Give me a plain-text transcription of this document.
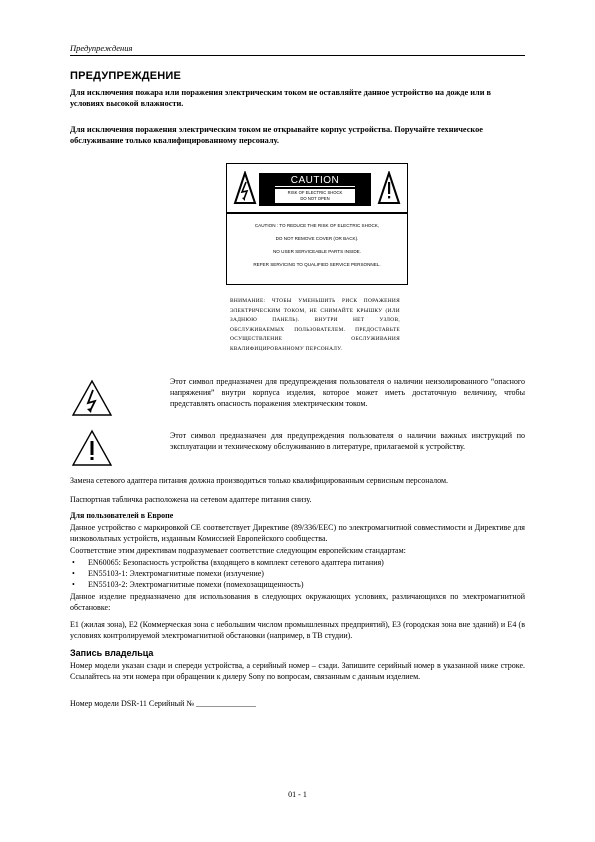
Предупреждения
ПРЕДУПРЕЖДЕНИЕ

Для исключения пожара или поражения электрическим током не оставляйте данное устройство на дожде или в условиях высокой влажности.

Для исключения поражения электрическим током не открывайте корпус устройства. Поручайте техническое обслуживание только квалифицированному персоналу.

CAUTION
RISK OF ELECTRIC SHOCK
DO NOT OPEN
CAUTION : TO REDUCE THE RISK OF ELECTRIC SHOCK,
DO NOT REMOVE COVER (OR BACK).
NO USER SERVICEABLE PARTS INSIDE.
REFER SERVICING TO QUALIFIED SERVICE PERSONNEL.

ВНИМАНИЕ: ЧТОБЫ УМЕНЬШИТЬ РИСК ПОРАЖЕНИЯ ЭЛЕКТРИЧЕСКИМ ТОКОМ, НЕ СНИМАЙТЕ КРЫШКУ (ИЛИ ЗАДНЮЮ ПАНЕЛЬ). ВНУТРИ НЕТ УЗЛОВ, ОБСЛУЖИВАЕМЫХ ПОЛЬЗОВАТЕЛЕМ. ПРЕДОСТАВЬТЕ ОСУЩЕСТВЛЕНИЕ ОБСЛУЖИВАНИЯ КВАЛИФИЦИРОВАННОМУ ПЕРСОНАЛУ.

Этот символ предназначен для предупреждения пользователя о наличии неизолированного “опасного напряжения” внутри корпуса изделия, которое может иметь достаточную величину, чтобы представлять опасность поражения электрическим током.

Этот символ предназначен для предупреждения пользователя о наличии важных инструкций по эксплуатации и техническому обслуживанию в литературе, прилагаемой к устройству.

Замена сетевого адаптера питания должна производиться только квалифицированным сервисным персоналом.

Паспортная табличка расположена на сетевом адаптере питания снизу.

Для пользователей в Европе

Данное устройство с маркировкой CE соответствует Директиве (89/336/EEC) по электромагнитной совместимости и Директиве для низковольтных устройств, изданным Комиссией Европейского сообщества.

Соответствие этим директивам подразумевает соответствие следующим европейским стандартам:

• EN60065: Безопасность устройства (входящего в комплект сетевого адаптера питания)
• EN55103-1: Электромагнитные помехи (излучение)
• EN55103-2: Электромагнитные помехи (помехозащищенность)

Данное изделие предназначено для использования в следующих окружающих условиях, различающихся по электромагнитной обстановке:

E1 (жилая зона), E2 (Коммерческая зона с небольшим числом промышленных предприятий), E3 (городская зона вне зданий) и E4 (в условиях контролируемой электромагнитной обстановки (например, в ТВ студии).

Запись владельца

Номер модели указан сзади и спереди устройства, а серийный номер – сзади. Запишите серийный номер в указанной ниже строке. Ссылайтесь на эти номера при обращении к дилеру Sony по вопросам, связанным с данным изделием.

Номер модели DSR-11 Серийный № _______________
01 - 1
